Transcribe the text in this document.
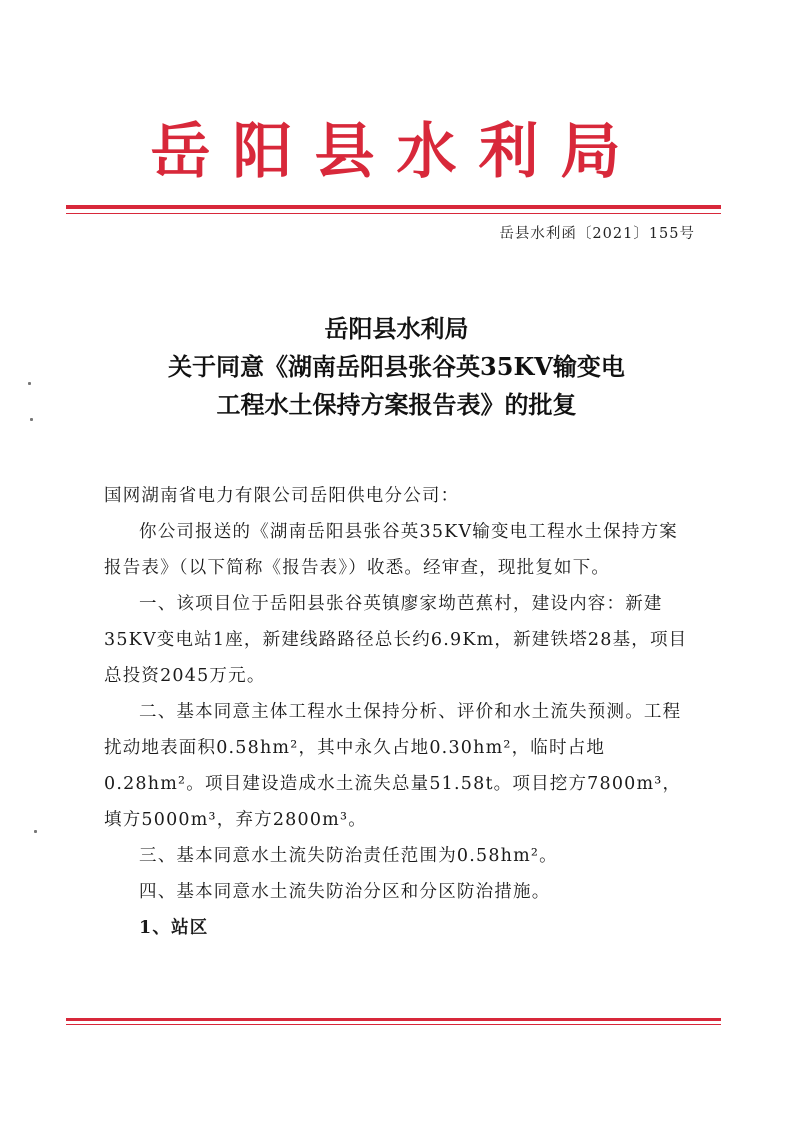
岳阳县水利局
岳县水利函〔2021〕155号
岳阳县水利局
关于同意《湖南岳阳县张谷英35KV输变电
工程水土保持方案报告表》的批复

国网湖南省电力有限公司岳阳供电分公司：

你公司报送的《湖南岳阳县张谷英35KV输变电工程水土保持方案报告表》（以下简称《报告表》）收悉。经审查，现批复如下。

一、该项目位于岳阳县张谷英镇廖家坳芭蕉村，建设内容：新建35KV变电站1座，新建线路路径总长约6.9Km，新建铁塔28基，项目总投资2045万元。

二、基本同意主体工程水土保持分析、评价和水土流失预测。工程扰动地表面积0.58hm²，其中永久占地0.30hm²，临时占地0.28hm²。项目建设造成水土流失总量51.58t。项目挖方7800m³，填方5000m³，弃方2800m³。

三、基本同意水土流失防治责任范围为0.58hm²。

四、基本同意水土流失防治分区和分区防治措施。

1、站区
